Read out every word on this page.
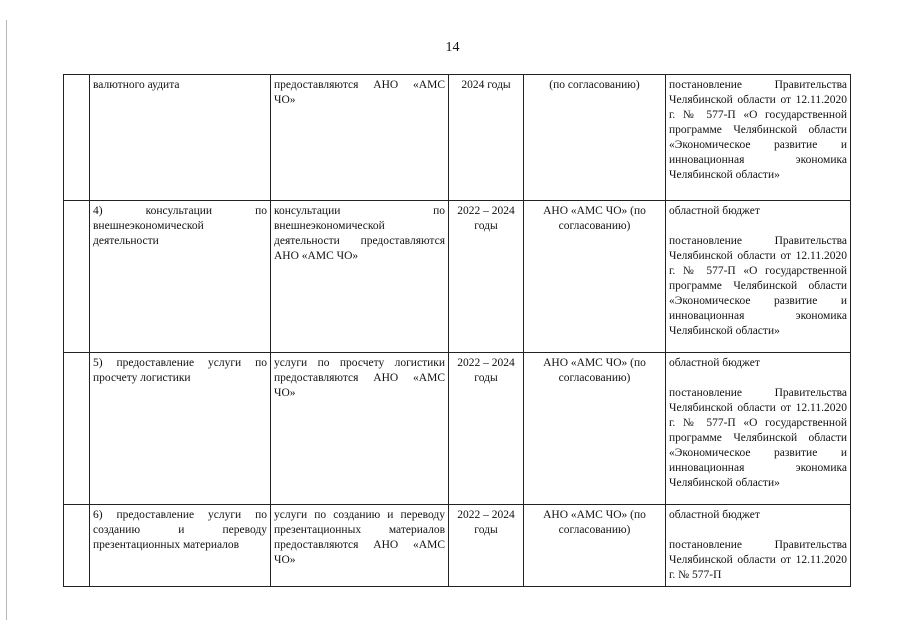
14
	валютного аудита	предоставляются АНО «АМС ЧО»	2024 годы	(по согласованию)	постановление Правительства Челябинской области от 12.11.2020 г. № 577-П «О государственной программе Челябинской области «Экономическое развитие и инновационная экономика Челябинской области»

	4) консультации по внешнеэкономической деятельности	консультации по внешнеэкономической деятельности предоставляются АНО «АМС ЧО»	2022 – 2024 годы	АНО «АМС ЧО» (по согласованию)	областной бюджет
постановление Правительства Челябинской области от 12.11.2020 г. № 577-П «О государственной программе Челябинской области «Экономическое развитие и инновационная экономика Челябинской области»

	5) предоставление услуги по просчету логистики	услуги по просчету логистики предоставляются АНО «АМС ЧО»	2022 – 2024 годы	АНО «АМС ЧО» (по согласованию)	областной бюджет
постановление Правительства Челябинской области от 12.11.2020 г. № 577-П «О государственной программе Челябинской области «Экономическое развитие и инновационная экономика Челябинской области»

	6) предоставление услуги по созданию и переводу презентационных материалов	услуги по созданию и переводу презентационных материалов предоставляются АНО «АМС ЧО»	2022 – 2024 годы	АНО «АМС ЧО» (по согласованию)	областной бюджет
постановление Правительства Челябинской области от 12.11.2020 г. № 577-П
